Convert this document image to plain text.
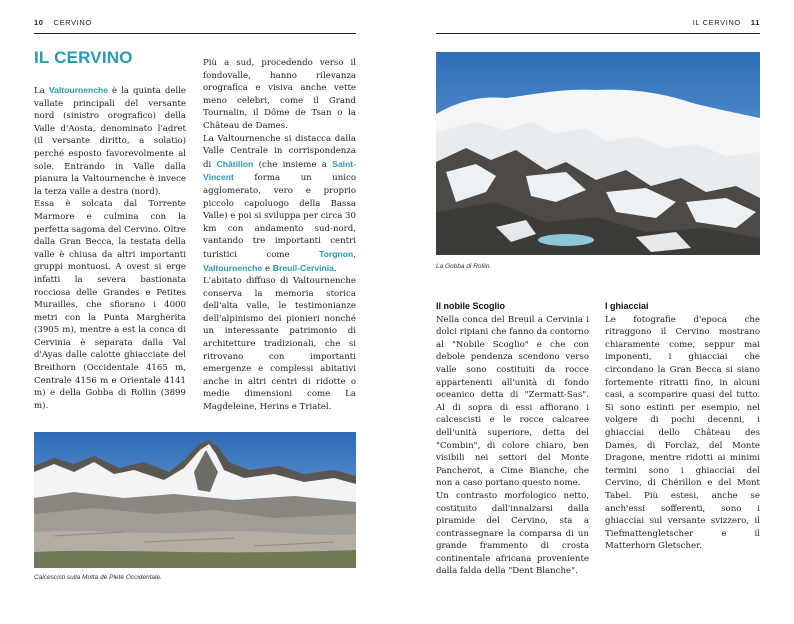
10 CERVINO	IL CERVINO 11
IL CERVINO

La Valtournenche è la quinta delle vallate principali del versante nord (sinistro orografico) della Valle d'Aosta, denominato l'adret (il versante diritto, a solatio) perché esposto favorevolmente al sole. Entrando in Valle dalla pianura la Valtournenche è invece la terza valle a destra (nord).

Essa è solcata dal Torrente Marmore e culmina con la perfetta sagoma del Cervino. Oltre dalla Gran Becca, la testata della valle è chiusa da altri importanti gruppi montuosi. A ovest si erge infatti la severa bastionata rocciosa delle Grandes e Petites Murailles, che sfiorano i 4000 metri con la Punta Margherita (3905 m), mentre a est la conca di Cervinia è separata dalla Val d'Ayas dalle calotte ghiacciate del Breithorn (Occidentale 4165 m, Centrale 4156 m e Orientale 4141 m) e della Gobba di Rollin (3899 m).

Più a sud, procedendo verso il fondovalle, hanno rilevanza orografica e visiva anche vette meno celebri, come il Grand Tournalin, il Dôme de Tsan o la Château de Dames.

La Valtournenche si distacca dalla Valle Centrale in corrispondenza di Châtillon (che insieme a Saint-Vincent forma un unico agglomerato, vero e proprio piccolo capoluogo della Bassa Valle) e poi si sviluppa per circa 30 km con andamento sud-nord, vantando tre importanti centri turistici come Torgnon, Valtournenche e Breuil-Cervinia.

L'abitato diffuso di Valtournenche conserva la memoria storica dell'alta valle, le testimonianze dell'alpinismo dei pionieri nonché un interessante patrimonio di architetture tradizionali, che si ritrovano con importanti emergenze e complessi abitativi anche in altri centri di ridotte o medie dimensioni come La Magdeleine, Herins e Triatel.

La Gobba di Rollin.
Calcescisti sulla Motta de Pleté Occidentale.
Il nobile Scoglio

Nella conca del Breuil a Cervinia i dolci ripiani che fanno da contorno al "Nobile Scoglio" e che con debole pendenza scendono verso valle sono costituiti da rocce appartenenti all'unità di fondo oceanico detta di "Zermatt-Sas". Al di sopra di essi affiorano i calcescisti e le rocce calcaree dell'unità superiore, detta del "Combin", di colore chiaro, ben visibili nei settori del Monte Pancherot, a Cime Bianche, che non a caso portano questo nome.

Un contrasto morfologico netto, costituito dall'innalzarsi dalla piramide del Cervino, sta a contrassegnare la comparsa di un grande frammento di crosta continentale africana proveniente dalla falda della "Dent Blanche".

I ghiacciai

Le fotografie d'epoca che ritraggono il Cervino mostrano chiaramente come, seppur mai imponenti, i ghiacciai che circondano la Gran Becca si siano fortemente ritratti fino, in alcuni casi, a scomparire quasi del tutto. Si sono estinti per esempio, nel volgere di pochi decenni, i ghiacciai dello Château des Dames, di Forclaz, del Monte Dragone, mentre ridotti ai minimi termini sono i ghiacciai del Cervino, di Chérillon e del Mont Tabel. Più estesi, anche se anch'essi sofferenti, sono i ghiacciai sul versante svizzero, il Tiefmattengletscher e il Matterhorn Gletscher.
